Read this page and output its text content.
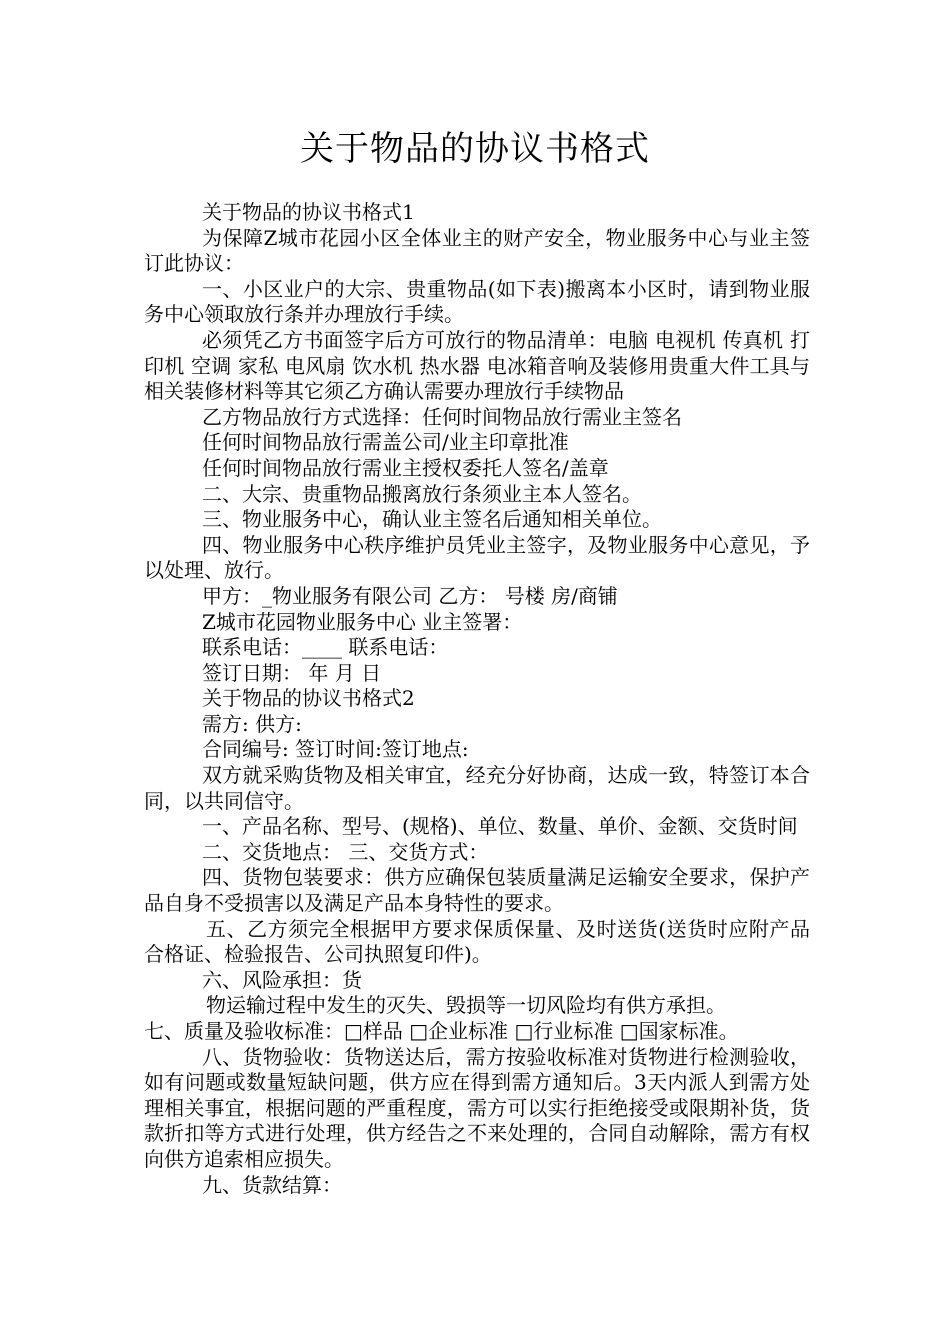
关于物品的协议书格式

关于物品的协议书格式1

为保障Z城市花园小区全体业主的财产安全，物业服务中心与业主签订此协议：

一、小区业户的大宗、贵重物品(如下表)搬离本小区时，请到物业服务中心领取放行条并办理放行手续。

必须凭乙方书面签字后方可放行的物品清单：电脑 电视机 传真机 打印机 空调 家私 电风扇 饮水机 热水器 电冰箱音响及装修用贵重大件工具与相关装修材料等其它须乙方确认需要办理放行手续物品

乙方物品放行方式选择：任何时间物品放行需业主签名

任何时间物品放行需盖公司/业主印章批准

任何时间物品放行需业主授权委托人签名/盖章

二、大宗、贵重物品搬离放行条须业主本人签名。

三、物业服务中心，确认业主签名后通知相关单位。

四、物业服务中心秩序维护员凭业主签字，及物业服务中心意见，予以处理、放行。

甲方：_物业服务有限公司 乙方： 号楼 房/商铺

Z城市花园物业服务中心 业主签署：

联系电话：____ 联系电话：

签订日期： 年 月 日

关于物品的协议书格式2

需方: 供方:

合同编号: 签订时间:签订地点:

双方就采购货物及相关审宜，经充分好协商，达成一致，特签订本合同，以共同信守。

一、产品名称、型号、(规格)、单位、数量、单价、金额、交货时间

二、交货地点： 三、交货方式：

四、货物包装要求：供方应确保包装质量满足运输安全要求，保护产品自身不受损害以及满足产品本身特性的要求。

五、乙方须完全根据甲方要求保质保量、及时送货(送货时应附产品合格证、检验报告、公司执照复印件)。

六、风险承担：货

物运输过程中发生的灭失、毁损等一切风险均有供方承担。

七、质量及验收标准：□样品 □企业标准 □行业标准 □国家标准。

八、货物验收：货物送达后，需方按验收标准对货物进行检测验收，如有问题或数量短缺问题，供方应在得到需方通知后。3天内派人到需方处理相关事宜，根据问题的严重程度，需方可以实行拒绝接受或限期补货，货款折扣等方式进行处理，供方经告之不来处理的，合同自动解除，需方有权向供方追索相应损失。

九、货款结算：
